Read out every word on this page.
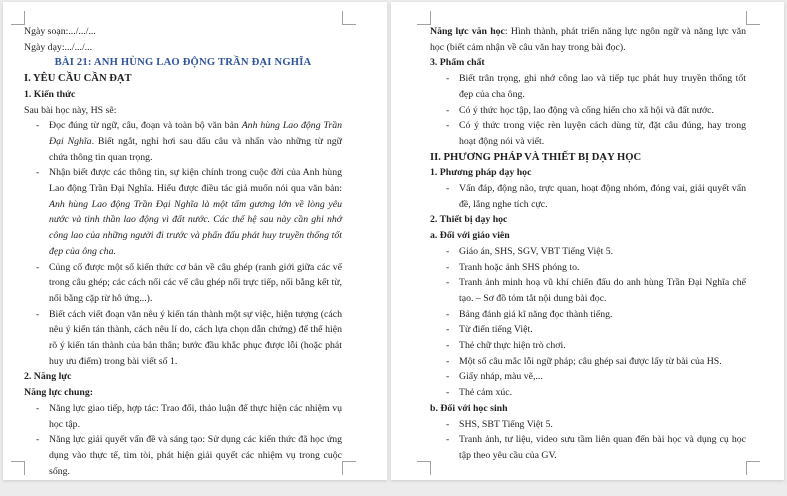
Ngày soạn:.../.../...
Ngày dạy:.../.../...
BÀI 21: ANH HÙNG LAO ĐỘNG TRẦN ĐẠI NGHĨA
I. YÊU CẦU CẦN ĐẠT
1. Kiến thức
Sau bài học này, HS sẽ:
- Đọc đúng từ ngữ, câu, đoạn và toàn bộ văn bản Anh hùng Lao động Trần Đại Nghĩa. Biết ngắt, nghỉ hơi sau dấu câu và nhấn vào những từ ngữ chứa thông tin quan trọng.
- Nhận biết được các thông tin, sự kiện chính trong cuộc đời của Anh hùng Lao động Trần Đại Nghĩa. Hiểu được điều tác giả muốn nói qua văn bản: Anh hùng Lao động Trần Đại Nghĩa là một tấm gương lớn về lòng yêu nước và tinh thần lao động vì đất nước. Các thế hệ sau này cần ghi nhớ công lao của những người đi trước và phấn đấu phát huy truyền thống tốt đẹp của ông cha.
- Củng cố được một số kiến thức cơ bản về câu ghép (ranh giới giữa các vế trong câu ghép; các cách nối các vế câu ghép nối trực tiếp, nối bằng kết từ, nối bằng cặp từ hô ứng...).
- Biết cách viết đoạn văn nêu ý kiến tán thành một sự việc, hiện tượng (cách nêu ý kiến tán thành, cách nêu lí do, cách lựa chọn dẫn chứng) để thể hiện rõ ý kiến tán thành của bản thân; bước đầu khắc phục được lỗi (hoặc phát huy ưu điểm) trong bài viết số 1.
2. Năng lực
Năng lực chung:
- Năng lực giao tiếp, hợp tác: Trao đổi, thảo luận để thực hiện các nhiệm vụ học tập.
- Năng lực giải quyết vấn đề và sáng tạo: Sử dụng các kiến thức đã học ứng dụng vào thực tế, tìm tòi, phát hiện giải quyết các nhiệm vụ trong cuộc sống.
Năng lực văn học: Hình thành, phát triển năng lực ngôn ngữ và năng lực văn học (biết cảm nhận về câu văn hay trong bài đọc).
3. Phẩm chất
- Biết trân trọng, ghi nhớ công lao và tiếp tục phát huy truyền thống tốt đẹp của cha ông.
- Có ý thức học tập, lao động và cống hiến cho xã hội và đất nước.
- Có ý thức trong việc rèn luyện cách dùng từ, đặt câu đúng, hay trong hoạt động nói và viết.
II. PHƯƠNG PHÁP VÀ THIẾT BỊ DẠY HỌC
1. Phương pháp dạy học
- Vấn đáp, động não, trực quan, hoạt động nhóm, đóng vai, giải quyết vấn đề, lắng nghe tích cực.
2. Thiết bị dạy học
a. Đối với giáo viên
- Giáo án, SHS, SGV, VBT Tiếng Việt 5.
- Tranh hoặc ảnh SHS phóng to.
- Tranh ảnh minh hoạ vũ khí chiến đấu do anh hùng Trần Đại Nghĩa chế tạo. – Sơ đồ tóm tắt nội dung bài đọc.
- Bảng đánh giá kĩ năng đọc thành tiếng.
- Từ điển tiếng Việt.
- Thẻ chữ thực hiện trò chơi.
- Một số câu mắc lỗi ngữ pháp; câu ghép sai được lấy từ bài của HS.
- Giấy nháp, màu vẽ,...
- Thẻ cảm xúc.
b. Đối với học sinh
- SHS, SBT Tiếng Việt 5.
- Tranh ảnh, tư liệu, video sưu tầm liên quan đến bài học và dụng cụ học tập theo yêu cầu của GV.
